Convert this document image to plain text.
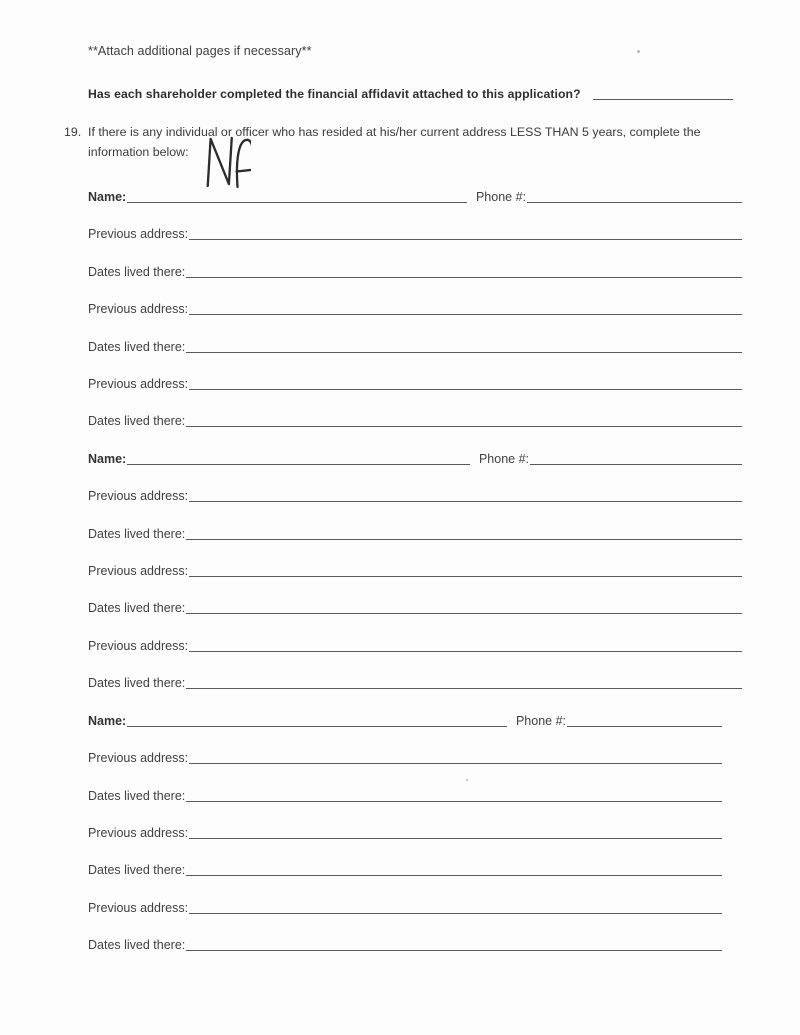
**Attach additional pages if necessary**
Has each shareholder completed the financial affidavit attached to this application?
19. If there is any individual or officer who has resided at his/her current address LESS THAN 5 years, complete the
information below:
Name:	Phone #:
Previous address:
Dates lived there:
Previous address:
Dates lived there:
Previous address:
Dates lived there:
Name:	Phone #:
Previous address:
Dates lived there:
Previous address:
Dates lived there:
Previous address:
Dates lived there:
Name:	Phone #:
Previous address:
Dates lived there:
Previous address:
Dates lived there:
Previous address:
Dates lived there:
